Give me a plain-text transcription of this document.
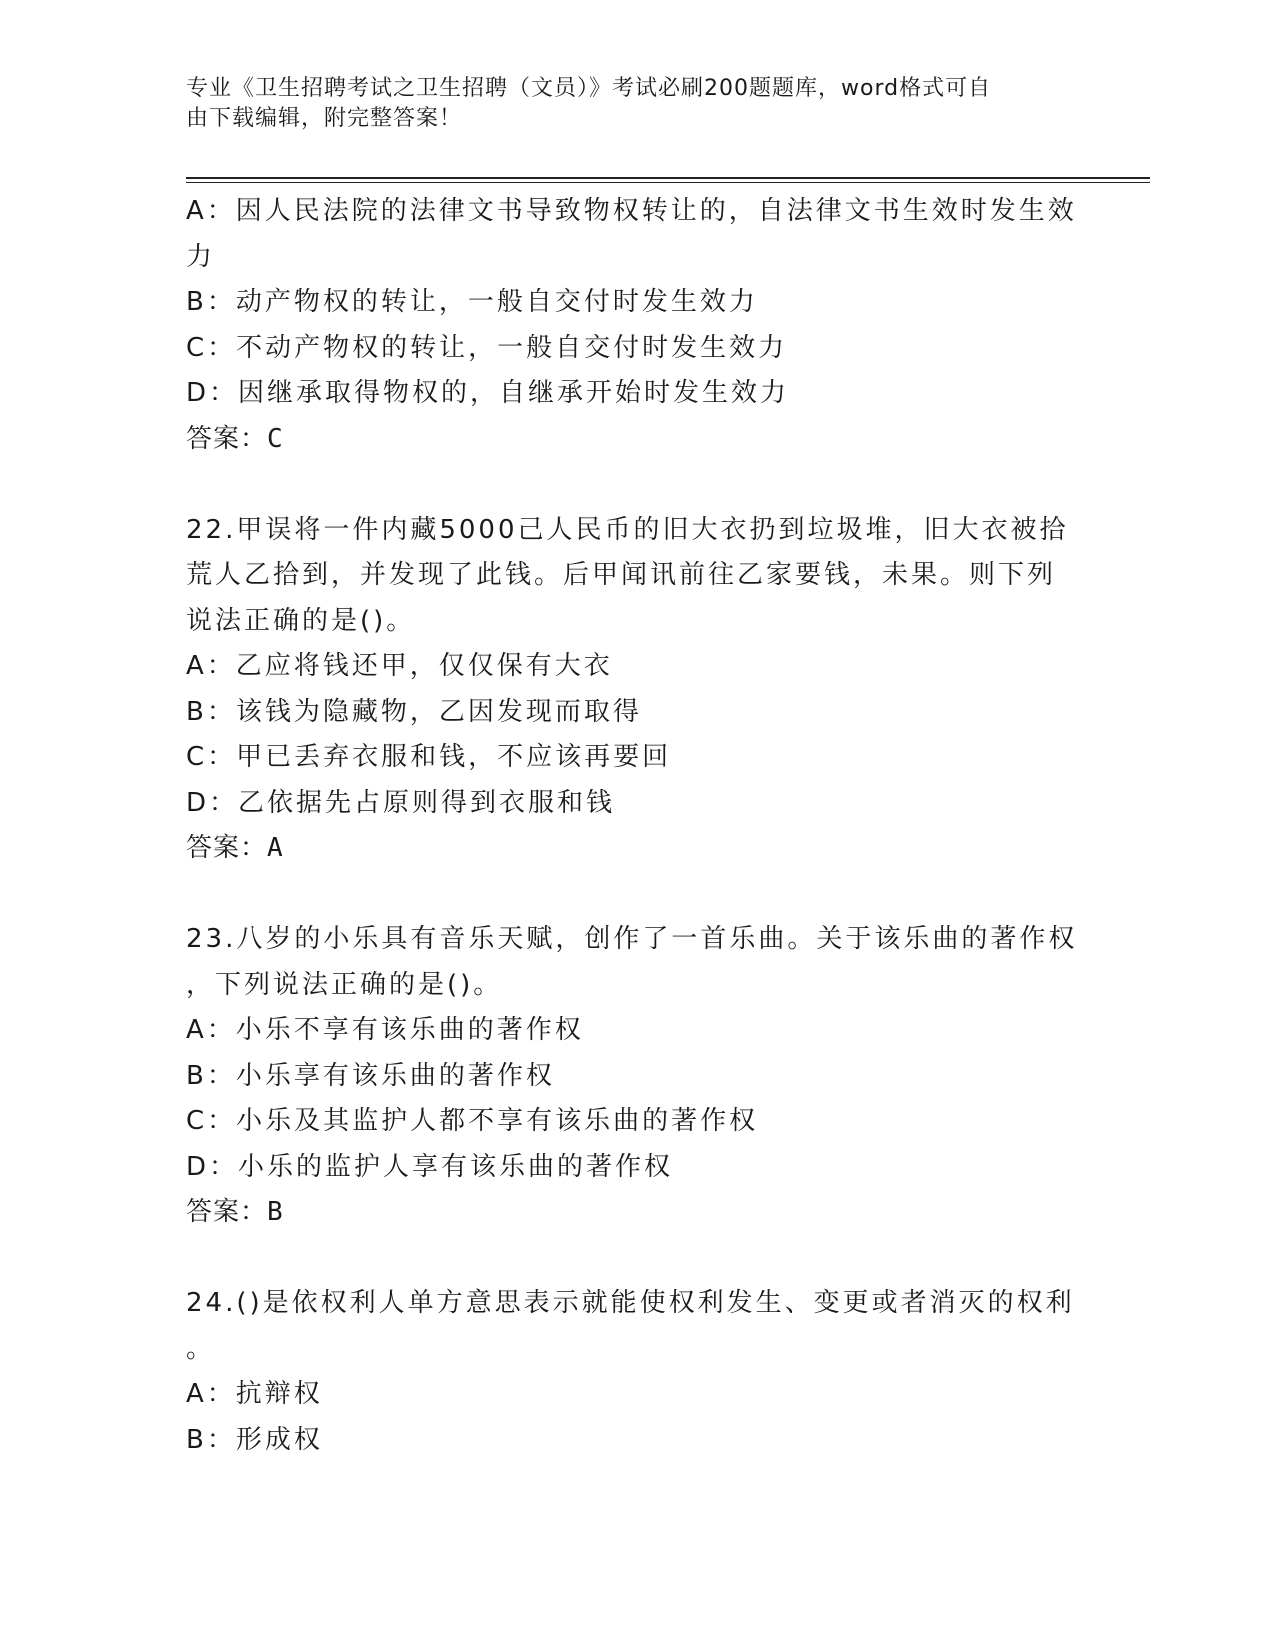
专业《卫生招聘考试之卫生招聘（文员）》考试必刷200题题库，word格式可自
由下载编辑，附完整答案！
A：因人民法院的法律文书导致物权转让的，自法律文书生效时发生效
力
B：动产物权的转让，一般自交付时发生效力
C：不动产物权的转让，一般自交付时发生效力
D：因继承取得物权的，自继承开始时发生效力
答案：C
22.甲误将一件内藏5000己人民币的旧大衣扔到垃圾堆，旧大衣被拾
荒人乙拾到，并发现了此钱。后甲闻讯前往乙家要钱，未果。则下列
说法正确的是()。
A：乙应将钱还甲，仅仅保有大衣
B：该钱为隐藏物，乙因发现而取得
C：甲已丢弃衣服和钱，不应该再要回
D：乙依据先占原则得到衣服和钱
答案：A
23.八岁的小乐具有音乐天赋，创作了一首乐曲。关于该乐曲的著作权
，下列说法正确的是()。
A：小乐不享有该乐曲的著作权
B：小乐享有该乐曲的著作权
C：小乐及其监护人都不享有该乐曲的著作权
D：小乐的监护人享有该乐曲的著作权
答案：B
24.()是依权利人单方意思表示就能使权利发生、变更或者消灭的权利
。
A：抗辩权
B：形成权
